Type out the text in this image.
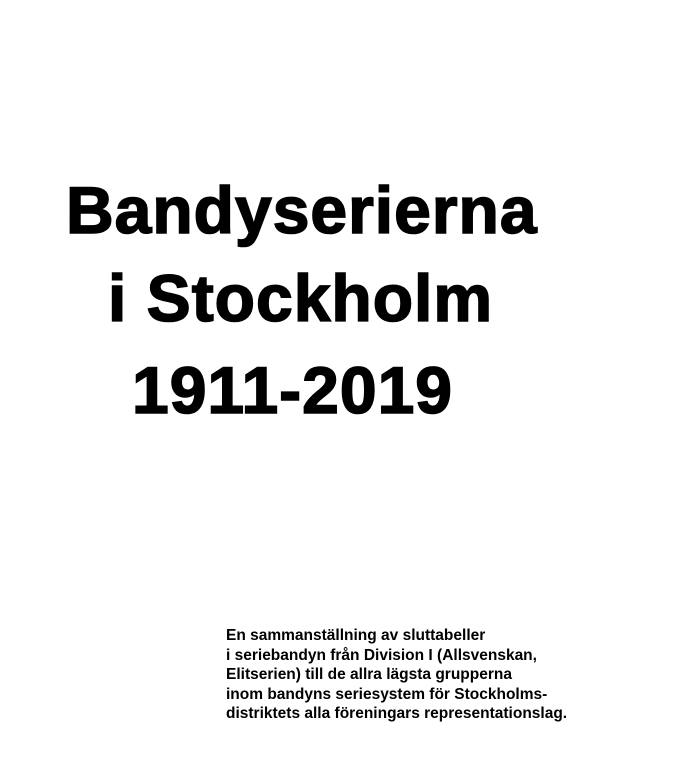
Bandyserierna
i Stockholm
1911-2019
En sammanställning av sluttabeller
i seriebandyn från Division I (Allsvenskan,
Elitserien) till de allra lägsta grupperna
inom bandyns seriesystem för Stockholms-
distriktets alla föreningars representationslag.
